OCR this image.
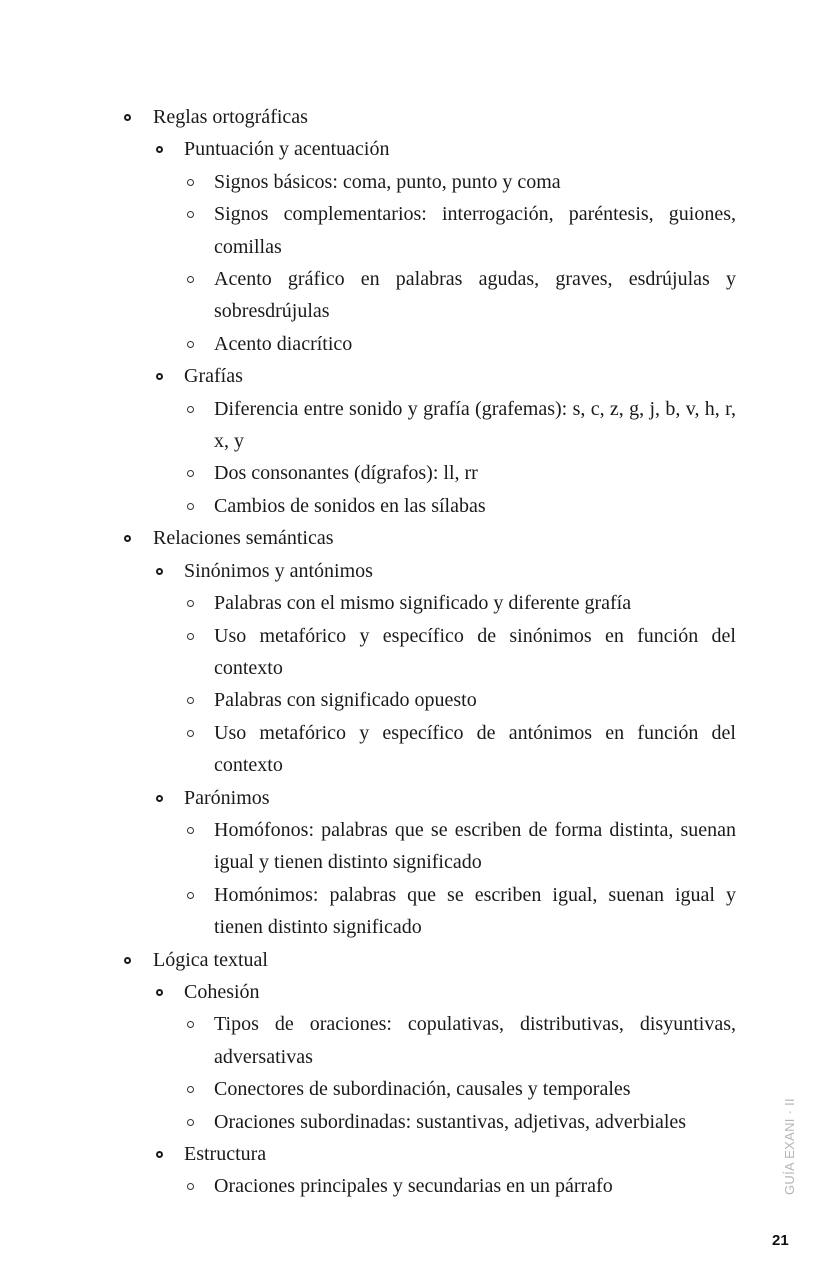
Reglas ortográficas
Puntuación y acentuación
Signos básicos: coma, punto, punto y coma
Signos complementarios: interrogación, paréntesis, guiones, comillas
Acento gráfico en palabras agudas, graves, esdrújulas y sobresdrújulas
Acento diacrítico
Grafías
Diferencia entre sonido y grafía (grafemas): s, c, z, g, j, b, v, h, r, x, y
Dos consonantes (dígrafos): ll, rr
Cambios de sonidos en las sílabas
Relaciones semánticas
Sinónimos y antónimos
Palabras con el mismo significado y diferente grafía
Uso metafórico y específico de sinónimos en función del contexto
Palabras con significado opuesto
Uso metafórico y específico de antónimos en función del contexto
Parónimos
Homófonos: palabras que se escriben de forma distinta, suenan igual y tienen distinto significado
Homónimos: palabras que se escriben igual, suenan igual y tienen distinto significado
Lógica textual
Cohesión
Tipos de oraciones: copulativas, distributivas, disyuntivas, adversativas
Conectores de subordinación, causales y temporales
Oraciones subordinadas: sustantivas, adjetivas, adverbiales
Estructura
Oraciones principales y secundarias en un párrafo	GUÍA EXANI · II
21
